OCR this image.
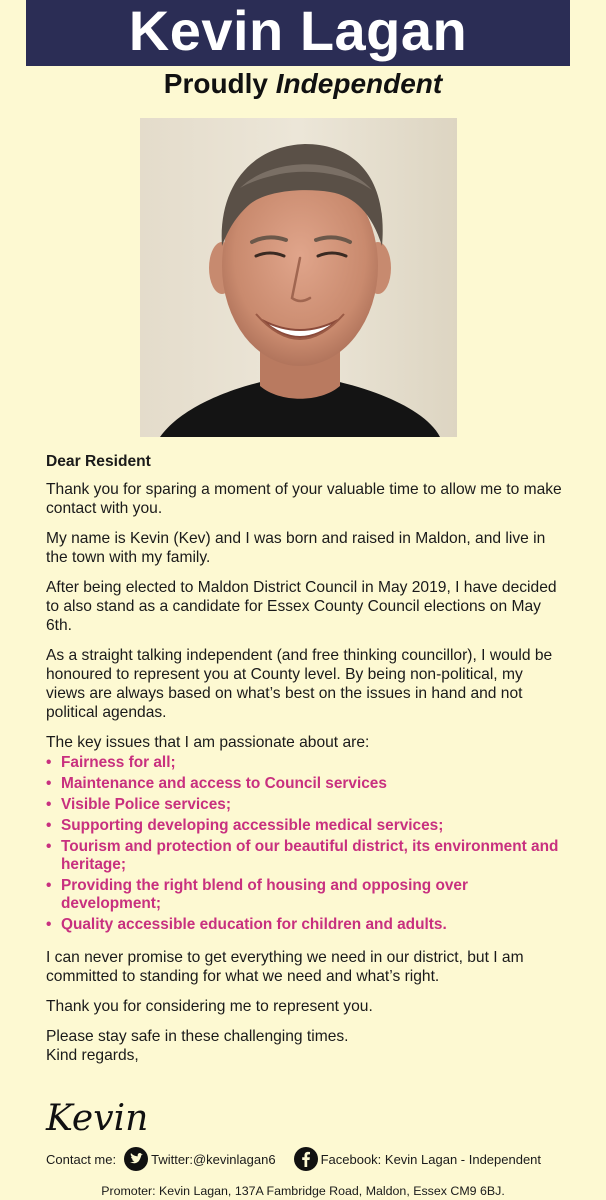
Kevin Lagan
Proudly Independent

Dear Resident

Thank you for sparing a moment of your valuable time to allow me to make contact with you.

My name is Kevin (Kev) and I was born and raised in Maldon, and live in the town with my family.

After being elected to Maldon District Council in May 2019, I have decided to also stand as a candidate for Essex County Council elections on May 6th.

As a straight talking independent (and free thinking councillor), I would be honoured to represent you at County level. By being non-political, my views are always based on what’s best on the issues in hand and not political agendas.

The key issues that I am passionate about are:

• Fairness for all;
• Maintenance and access to Council services
• Visible Police services;
• Supporting developing accessible medical services;
• Tourism and protection of our beautiful district, its environment and heritage;
• Providing the right blend of housing and opposing over development;
• Quality accessible education for children and adults.

I can never promise to get everything we need in our district, but I am committed to standing for what we need and what’s right.

Thank you for considering me to represent you.

Please stay safe in these challenging times.

Kind regards,

Kevin
Contact me:	Twitter:@kevinlagan6	Facebook: Kevin Lagan - Independent
Promoter: Kevin Lagan, 137A Fambridge Road, Maldon, Essex CM9 6BJ.
